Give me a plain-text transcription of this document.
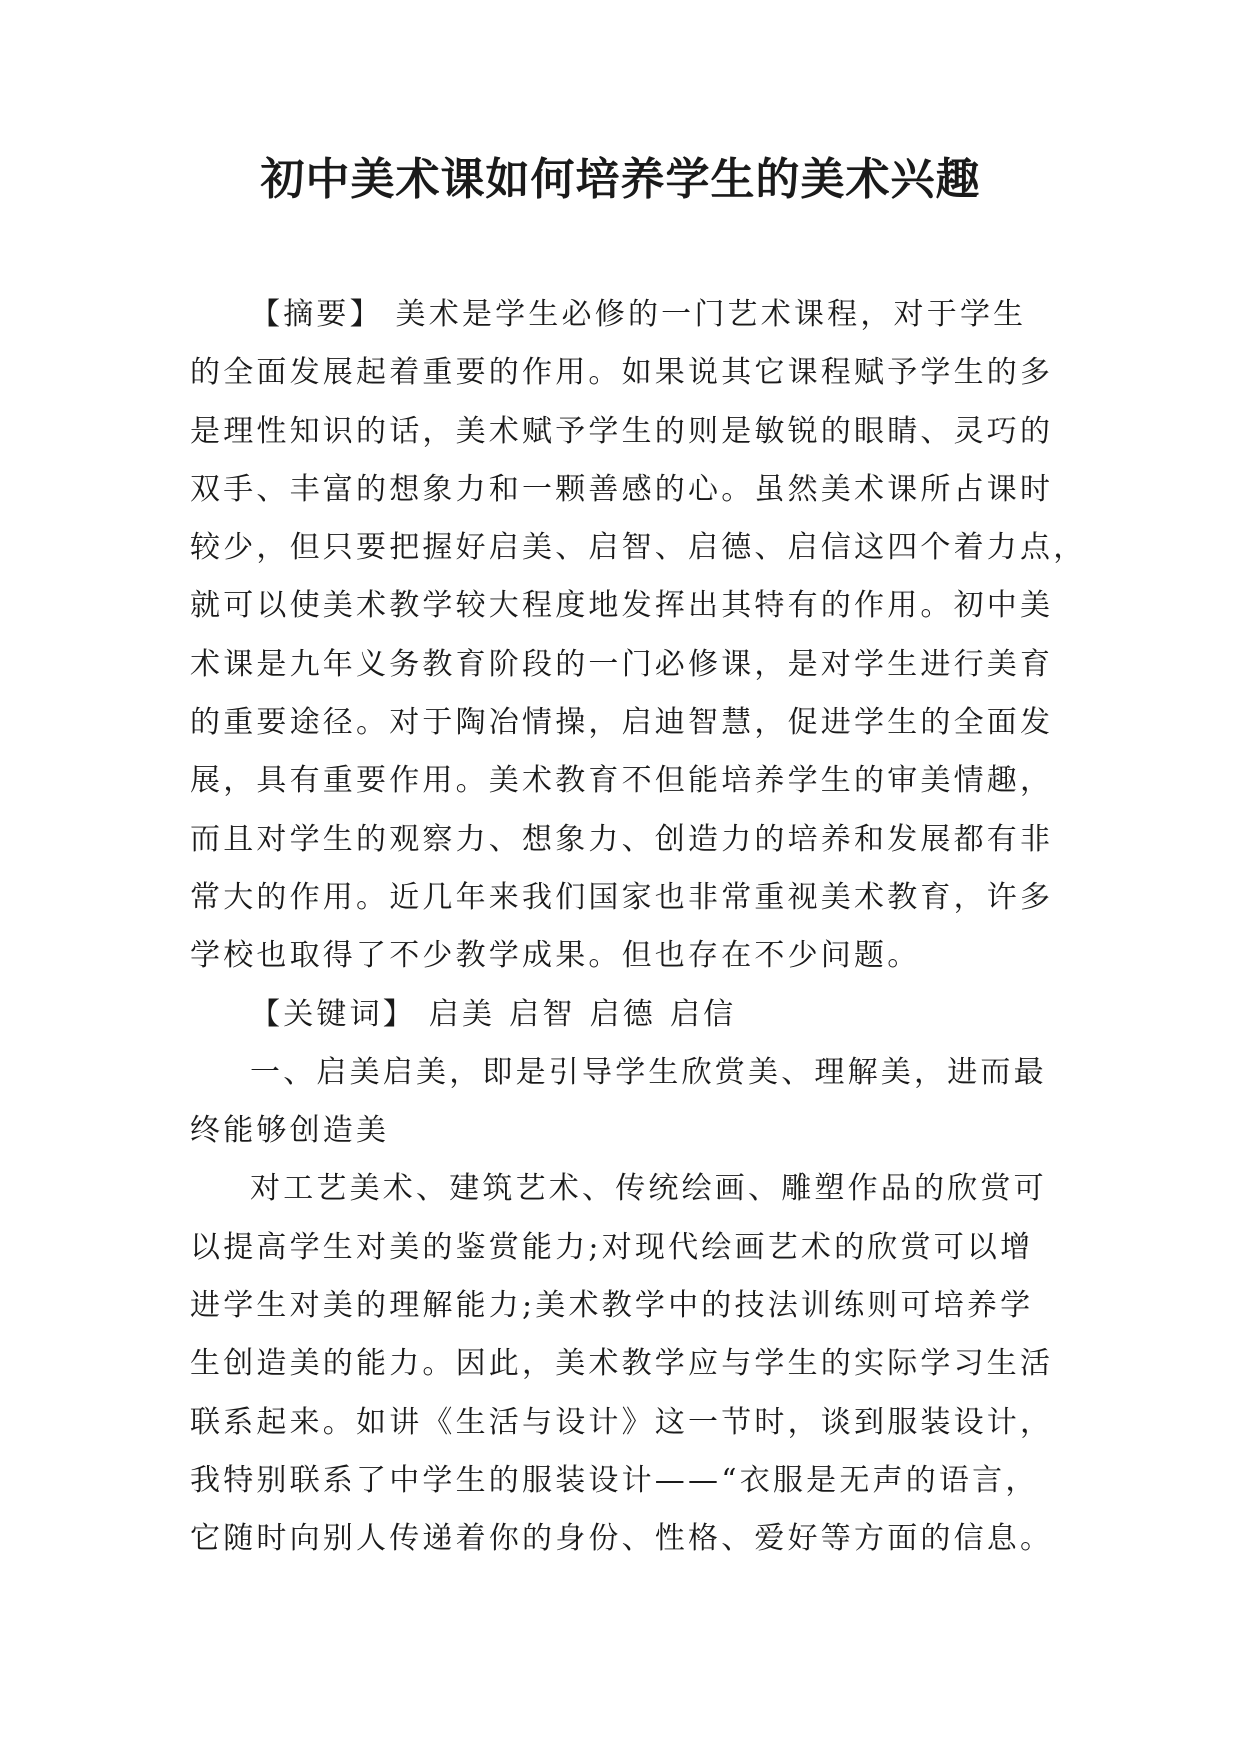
初中美术课如何培养学生的美术兴趣
【摘要】 美术是学生必修的一门艺术课程，对于学生
的全面发展起着重要的作用。如果说其它课程赋予学生的多
是理性知识的话，美术赋予学生的则是敏锐的眼睛、灵巧的
双手、丰富的想象力和一颗善感的心。虽然美术课所占课时
较少，但只要把握好启美、启智、启德、启信这四个着力点，
就可以使美术教学较大程度地发挥出其特有的作用。初中美
术课是九年义务教育阶段的一门必修课，是对学生进行美育
的重要途径。对于陶冶情操，启迪智慧，促进学生的全面发
展，具有重要作用。美术教育不但能培养学生的审美情趣，
而且对学生的观察力、想象力、创造力的培养和发展都有非
常大的作用。近几年来我们国家也非常重视美术教育，许多
学校也取得了不少教学成果。但也存在不少问题。
【关键词】 启美 启智 启德 启信
一、启美启美，即是引导学生欣赏美、理解美，进而最
终能够创造美
对工艺美术、建筑艺术、传统绘画、雕塑作品的欣赏可
以提高学生对美的鉴赏能力;对现代绘画艺术的欣赏可以增
进学生对美的理解能力;美术教学中的技法训练则可培养学
生创造美的能力。因此，美术教学应与学生的实际学习生活
联系起来。如讲《生活与设计》这一节时，谈到服装设计，
我特别联系了中学生的服装设计——“衣服是无声的语言，
它随时向别人传递着你的身份、性格、爱好等方面的信息。
